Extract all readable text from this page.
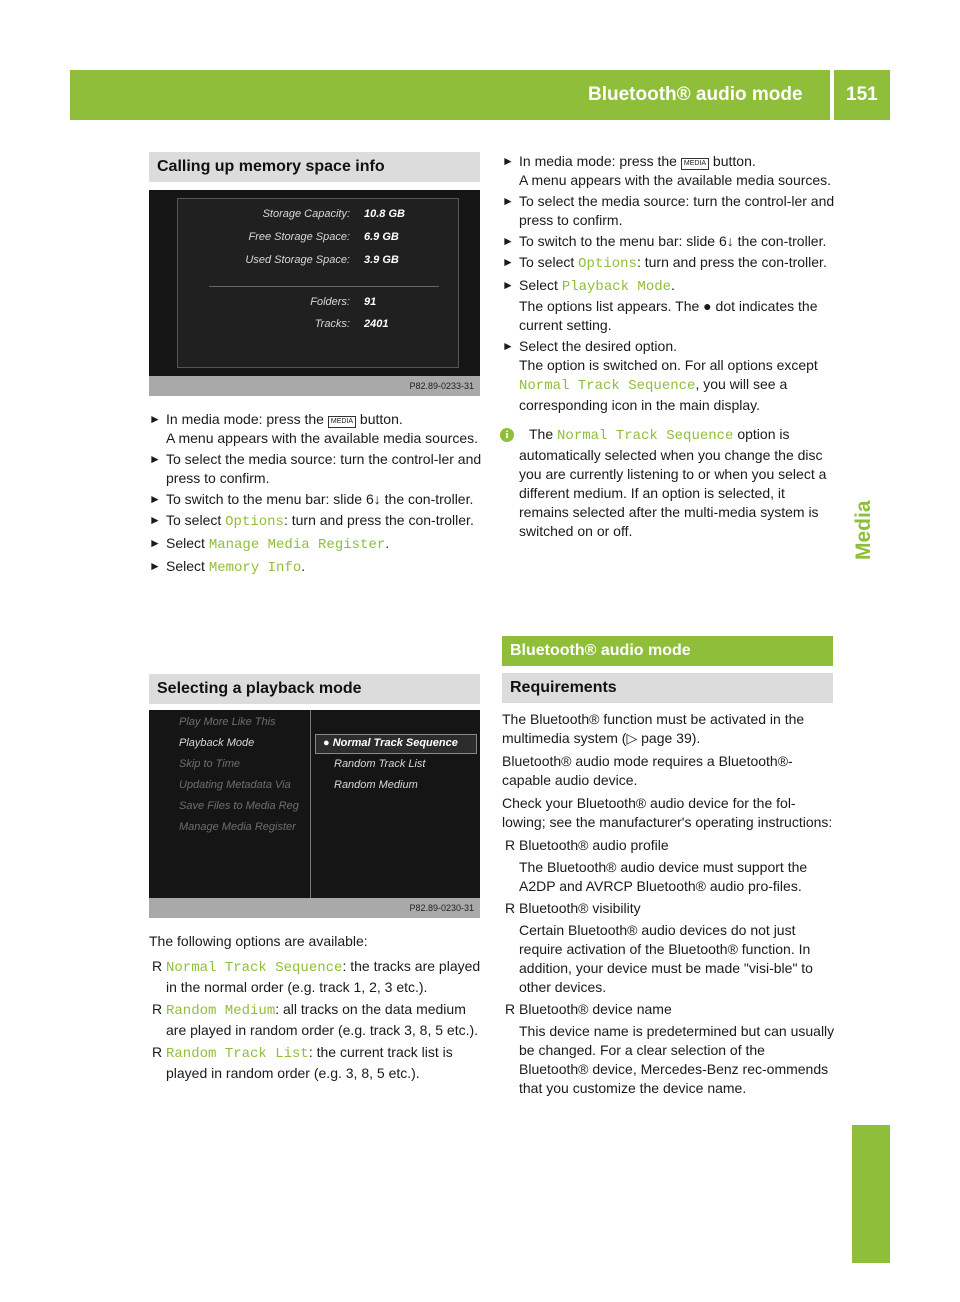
Bluetooth® audio mode 151
Media
Calling up memory space info
Storage Capacity: 10.8 GB
Free Storage Space: 6.9 GB
Used Storage Space: 3.9 GB
Folders: 91
Tracks: 2401
P82.89-0233-31
► In media mode: press the MEDIA button.
A menu appears with the available media sources.
► To select the media source: turn the control-ler and press to confirm.
► To switch to the menu bar: slide 6↓ the con-troller.
► To select Options: turn and press the con-troller.
► Select Manage Media Register.
► Select Memory Info.
Selecting a playback mode
Play More Like This
Playback Mode
Skip to Time
Updating Metadata Via
Save Files to Media Reg
Manage Media Register
● Normal Track Sequence
Random Track List
Random Medium
P82.89-0230-31
The following options are available:
R Normal Track Sequence: the tracks are played in the normal order (e.g. track 1, 2, 3 etc.).
R Random Medium: all tracks on the data medium are played in random order (e.g. track 3, 8, 5 etc.).
R Random Track List: the current track list is played in random order (e.g. 3, 8, 5 etc.).
► In media mode: press the MEDIA button.
A menu appears with the available media sources.
► To select the media source: turn the control-ler and press to confirm.
► To switch to the menu bar: slide 6↓ the con-troller.
► To select Options: turn and press the con-troller.
► Select Playback Mode.
The options list appears. The ● dot indicates the current setting.
► Select the desired option.
The option is switched on. For all options except Normal Track Sequence, you will see a corresponding icon in the main display.
i	The Normal Track Sequence option is automatically selected when you change the disc you are currently listening to or when you select a different medium. If an option is selected, it remains selected after the multi-media system is switched on or off.
Bluetooth® audio mode
Requirements
The Bluetooth® function must be activated in the multimedia system (▷ page 39).
Bluetooth® audio mode requires a Bluetooth®-capable audio device.
Check your Bluetooth® audio device for the fol-lowing; see the manufacturer's operating instructions:
R Bluetooth® audio profile
The Bluetooth® audio device must support the A2DP and AVRCP Bluetooth® audio pro-files.
R Bluetooth® visibility
Certain Bluetooth® audio devices do not just require activation of the Bluetooth® function. In addition, your device must be made "visi-ble" to other devices.
R Bluetooth® device name
This device name is predetermined but can usually be changed. For a clear selection of the Bluetooth® device, Mercedes-Benz rec-ommends that you customize the device name.
